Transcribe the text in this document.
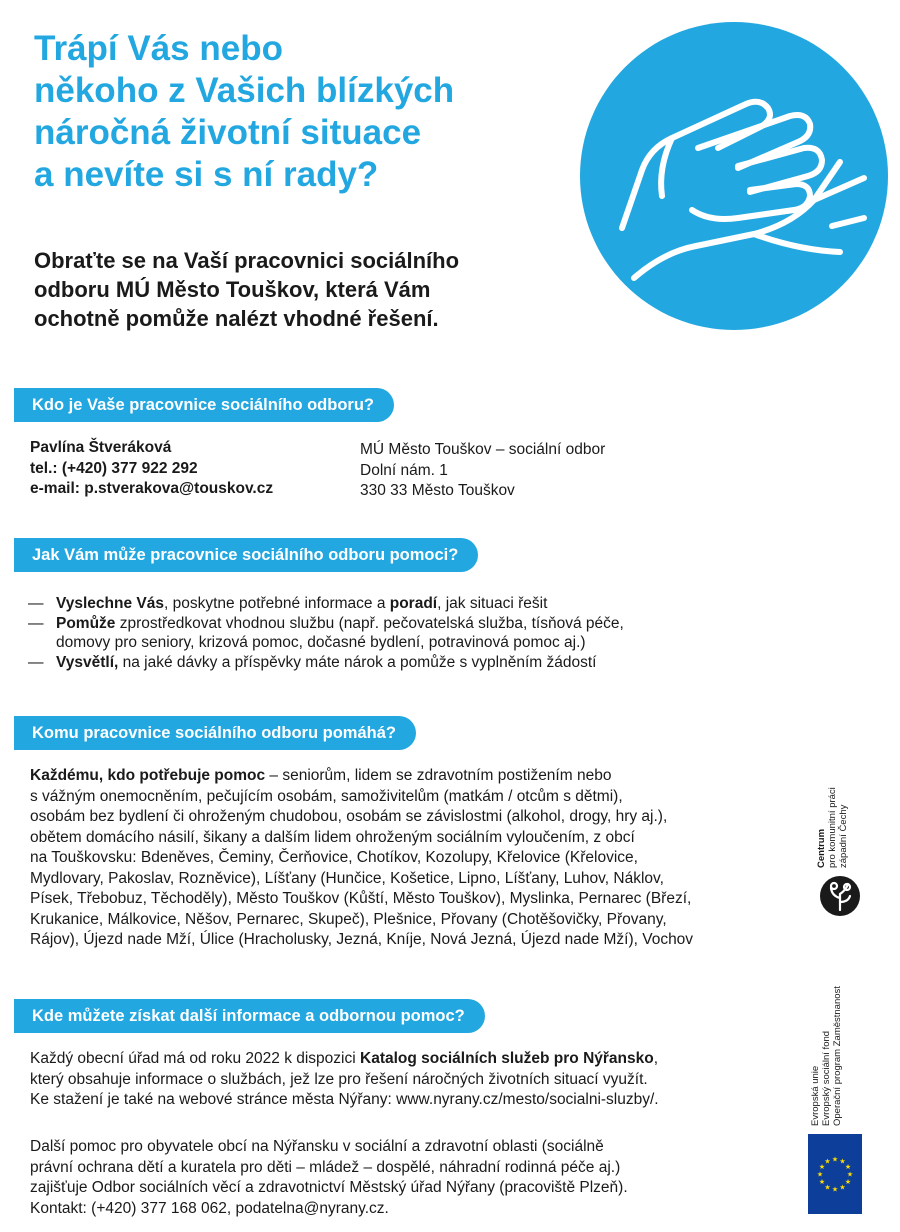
Trápí Vás nebo
někoho z Vašich blízkých
náročná životní situace
a nevíte si s ní rady?
Obraťte se na Vaší pracovnici sociálního
odboru MÚ Město Touškov, která Vám
ochotně pomůže nalézt vhodné řešení.
Kdo je Vaše pracovnice sociálního odboru?
Pavlína Štveráková
tel.: (+420) 377 922 292
e-mail: p.stverakova@touskov.cz
MÚ Město Touškov – sociální odbor
Dolní nám. 1
330 33 Město Touškov
Jak Vám může pracovnice sociálního odboru pomoci?
— Vyslechne Vás, poskytne potřebné informace a poradí, jak situaci řešit
— Pomůže zprostředkovat vhodnou službu (např. pečovatelská služba, tísňová péče,
domovy pro seniory, krizová pomoc, dočasné bydlení, potravinová pomoc aj.)
— Vysvětlí, na jaké dávky a příspěvky máte nárok a pomůže s vyplněním žádostí
Komu pracovnice sociálního odboru pomáhá?
Každému, kdo potřebuje pomoc – seniorům, lidem se zdravotním postižením nebo
s vážným onemocněním, pečujícím osobám, samoživitelům (matkám / otcům s dětmi),
osobám bez bydlení či ohroženým chudobou, osobám se závislostmi (alkohol, drogy, hry aj.),
obětem domácího násilí, šikany a dalším lidem ohroženým sociálním vyloučením, z obcí
na Touškovsku: Bdeněves, Čeminy, Čerňovice, Chotíkov, Kozolupy, Křelovice (Křelovice,
Mydlovary, Pakoslav, Rozněvice), Líšťany (Hunčice, Košetice, Lipno, Líšťany, Luhov, Náklov,
Písek, Třebobuz, Těchoděly), Město Touškov (Kůští, Město Touškov), Myslinka, Pernarec (Březí,
Krukanice, Málkovice, Něšov, Pernarec, Skupeč), Plešnice, Přovany (Chotěšovičky, Přovany,
Rájov), Újezd nade Mží, Úlice (Hracholusky, Jezná, Kníje, Nová Jezná, Újezd nade Mží), Vochov
Kde můžete získat další informace a odbornou pomoc?
Každý obecní úřad má od roku 2022 k dispozici Katalog sociálních služeb pro Nýřansko,
který obsahuje informace o službách, jež lze pro řešení náročných životních situací využít.
Ke stažení je také na webové stránce města Nýřany: www.nyrany.cz/mesto/socialni-sluzby/.
Další pomoc pro obyvatele obcí na Nýřansku v sociální a zdravotní oblasti (sociálně
právní ochrana dětí a kuratela pro děti – mládež – dospělé, náhradní rodinná péče aj.)
zajišťuje Odbor sociálních věcí a zdravotnictví Městský úřad Nýřany (pracoviště Plzeň).
Kontakt: (+420) 377 168 062, podatelna@nyrany.cz.
Centrum pro komunitní práci západní Čechy
Evropská unie Evropský sociální fond Operační program Zaměstnanost
★
★
★
★
★
★
★
★
★ ★ ★
★
